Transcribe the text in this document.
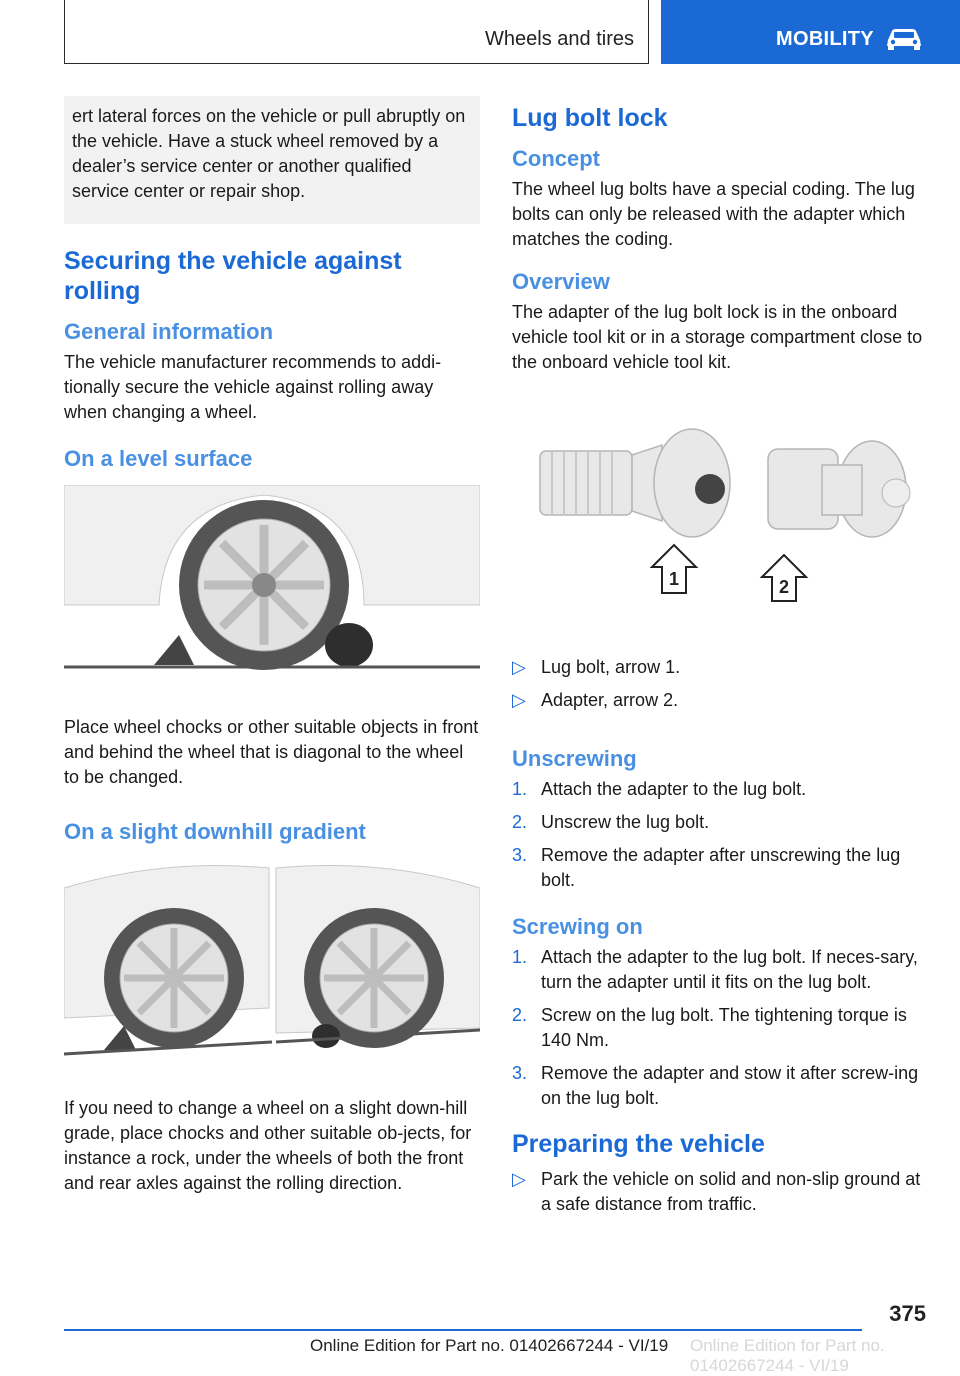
Wheels and tires	MOBILITY

ert lateral forces on the vehicle or pull abruptly on the vehicle. Have a stuck wheel removed by a dealer’s service center or another qualified service center or repair shop.

Securing the vehicle against rolling
General information

The vehicle manufacturer recommends to addi-tionally secure the vehicle against rolling away when changing a wheel.

On a level surface

Place wheel chocks or other suitable objects in front and behind the wheel that is diagonal to the wheel to be changed.

On a slight downhill gradient

If you need to change a wheel on a slight down-hill grade, place chocks and other suitable ob-jects, for instance a rock, under the wheels of both the front and rear axles against the rolling direction.

Lug bolt lock
Concept

The wheel lug bolts have a special coding. The lug bolts can only be released with the adapter which matches the coding.

Overview

The adapter of the lug bolt lock is in the onboard vehicle tool kit or in a storage compartment close to the onboard vehicle tool kit.

1	2
▷ Lug bolt, arrow 1.
▷ Adapter, arrow 2.
Unscrewing
1. Attach the adapter to the lug bolt.
2. Unscrew the lug bolt.
3. Remove the adapter after unscrewing the lug bolt.
Screwing on
1. Attach the adapter to the lug bolt. If neces-sary, turn the adapter until it fits on the lug bolt.
2. Screw on the lug bolt. The tightening torque is 140 Nm.
3. Remove the adapter and stow it after screw-ing on the lug bolt.
Preparing the vehicle
▷ Park the vehicle on solid and non-slip ground at a safe distance from traffic.
375
Online Edition for Part no. 01402667244 - VI/19 Online Edition for Part no. 01402667244 - VI/19
